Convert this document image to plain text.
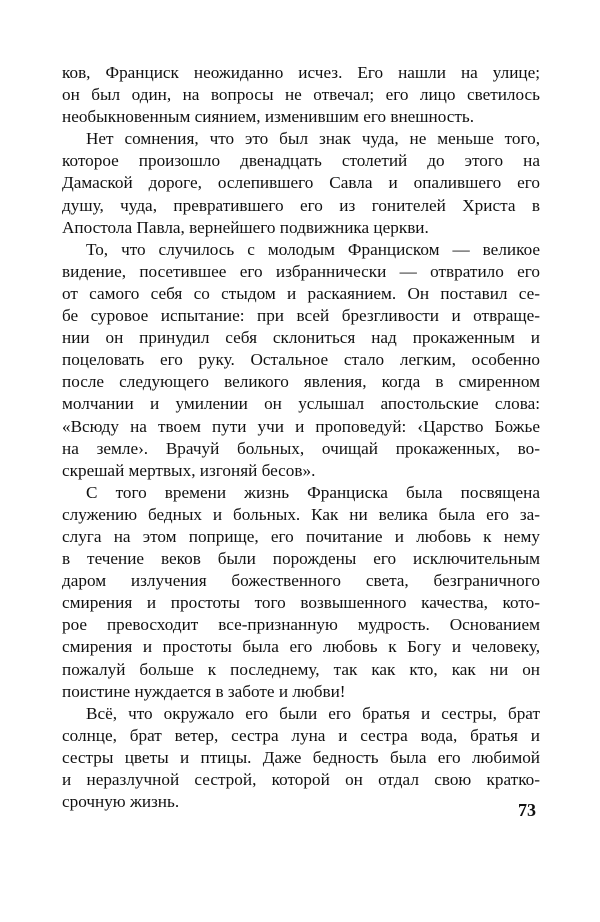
ков, Франциск неожиданно исчез. Его нашли на улице;
он был один, на вопросы не отвечал; его лицо светилось
необыкновенным сиянием, изменившим его внешность.
Нет сомнения, что это был знак чуда, не меньше того,
которое произошло двенадцать столетий до этого на
Дамаской дороге, ослепившего Савла и опалившего его
душу, чуда, превратившего его из гонителей Христа в
Апостола Павла, вернейшего подвижника церкви.
То, что случилось с молодым Франциском — великое
видение, посетившее его избраннически — отвратило его
от самого себя со стыдом и раскаянием. Он поставил се-
бе суровое испытание: при всей брезгливости и отвраще-
нии он принудил себя склониться над прокаженным и
поцеловать его руку. Остальное стало легким, особенно
после следующего великого явления, когда в смиренном
молчании и умилении он услышал апостольские слова:
«Всюду на твоем пути учи и проповедуй: ‹Царство Божье
на земле›. Врачуй больных, очищай прокаженных, во-
скрешай мертвых, изгоняй бесов».
С того времени жизнь Франциска была посвящена
служению бедных и больных. Как ни велика была его за-
слуга на этом поприще, его почитание и любовь к нему
в течение веков были порождены его исключительным
даром излучения божественного света, безграничного
смирения и простоты того возвышенного качества, кото-
рое превосходит все-признанную мудрость. Основанием
смирения и простоты была его любовь к Богу и человеку,
пожалуй больше к последнему, так как кто, как ни он
поистине нуждается в заботе и любви!
Всё, что окружало его были его братья и сестры, брат
солнце, брат ветер, сестра луна и сестра вода, братья и
сестры цветы и птицы. Даже бедность была его любимой
и неразлучной сестрой, которой он отдал свою кратко-
срочную жизнь.	73
